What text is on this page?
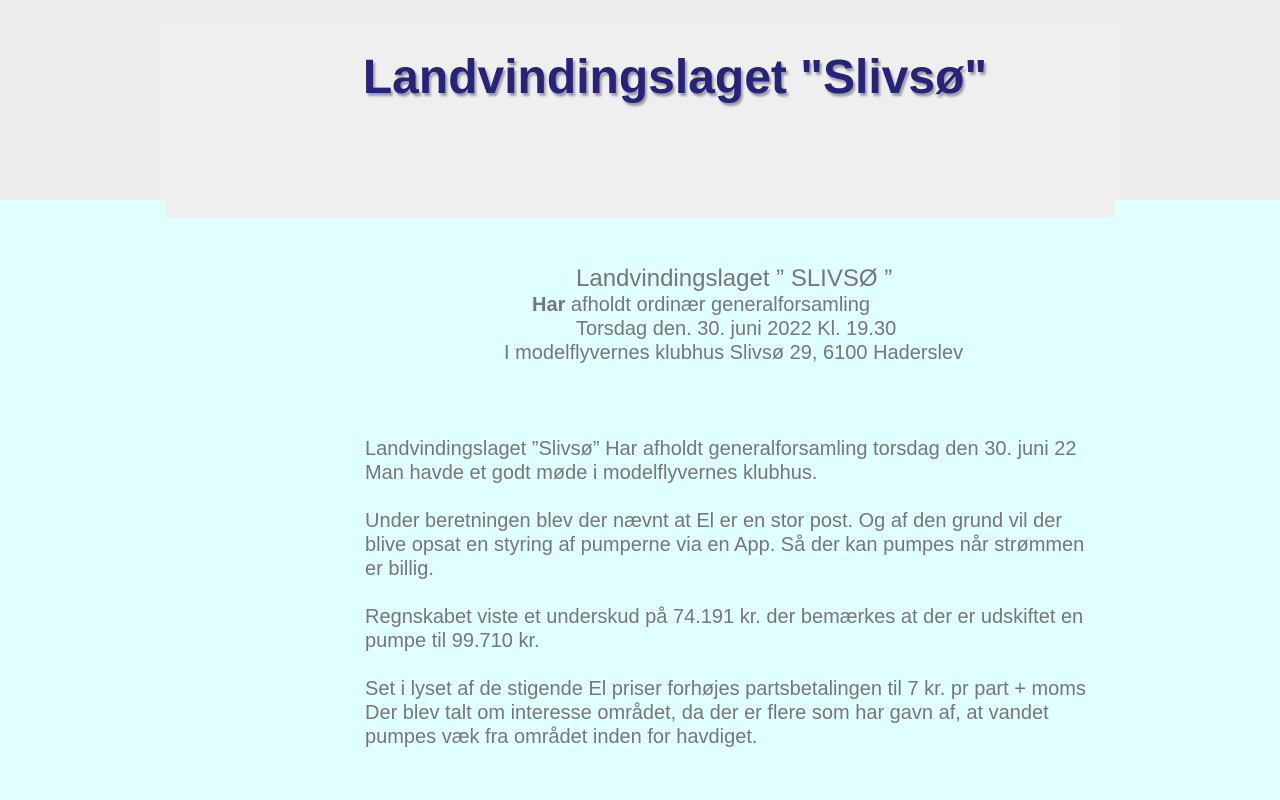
Landvindingslaget "Slivsø"
Landvindingslaget ” SLIVSØ ”
Har afholdt ordinær generalforsamling
Torsdag den. 30. juni 2022 Kl. 19.30
I modelflyvernes klubhus Slivsø 29, 6100 Haderslev

Landvindingslaget ”Slivsø” Har afholdt generalforsamling torsdag den 30. juni 22
Man havde et godt møde i modelflyvernes klubhus.

Under beretningen blev der nævnt at El er en stor post. Og af den grund vil der blive opsat en styring af pumperne via en App. Så der kan pumpes når strømmen er billig.

Regnskabet viste et underskud på 74.191 kr. der bemærkes at der er udskiftet en pumpe til 99.710 kr.

Set i lyset af de stigende El priser forhøjes partsbetalingen til 7 kr. pr part + moms
Der blev talt om interesse området, da der er flere som har gavn af, at vandet pumpes væk fra området inden for havdiget.
